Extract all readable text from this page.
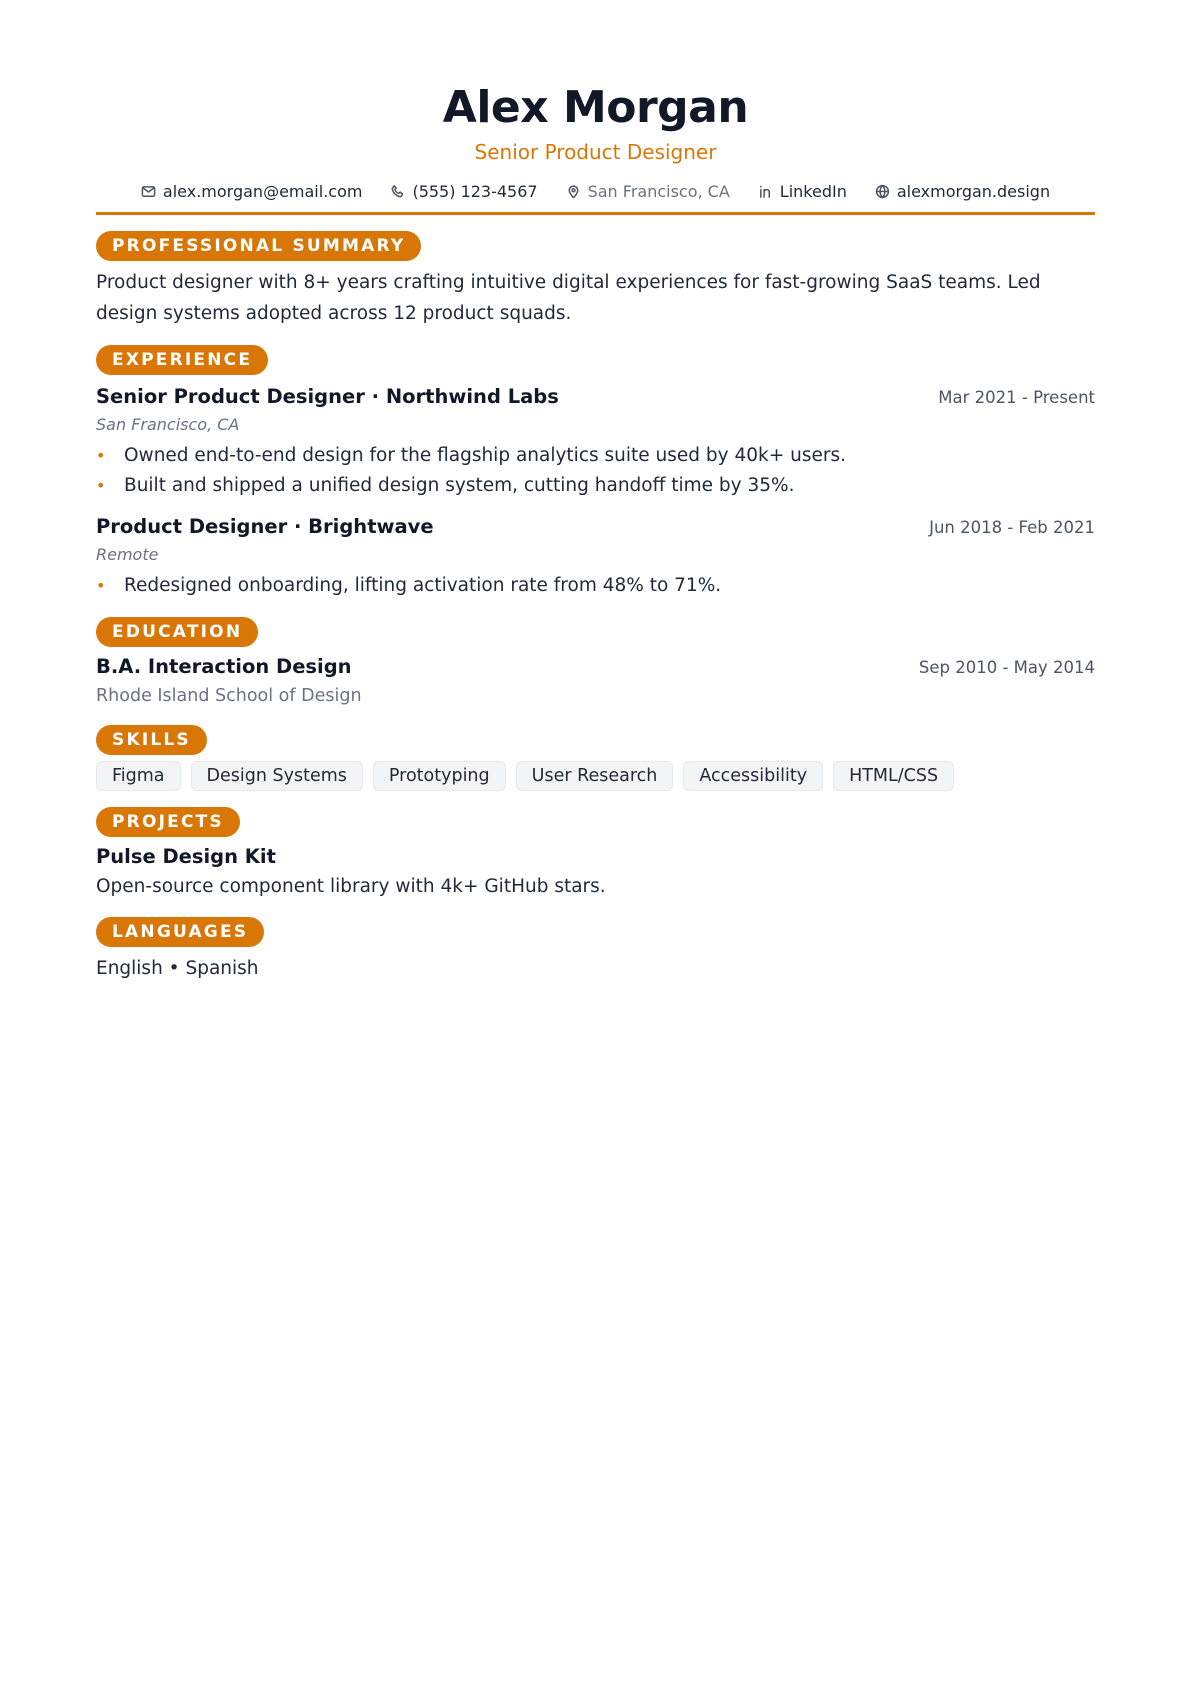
Alex Morgan
Senior Product Designer
alex.morgan@email.com	(555) 123-4567	San Francisco, CA	LinkedIn	alexmorgan.design
PROFESSIONAL SUMMARY

Product designer with 8+ years crafting intuitive digital experiences for fast-growing SaaS teams. Led design systems adopted across 12 product squads.

EXPERIENCE
Senior Product Designer · Northwind Labs	Mar 2021 - Present
San Francisco, CA
• Owned end-to-end design for the flagship analytics suite used by 40k+ users.
• Built and shipped a unified design system, cutting handoff time by 35%.
Product Designer · Brightwave	Jun 2018 - Feb 2021
Remote
• Redesigned onboarding, lifting activation rate from 48% to 71%.
EDUCATION
B.A. Interaction Design	Sep 2010 - May 2014
Rhode Island School of Design
SKILLS
Figma	Design Systems	Prototyping	User Research	Accessibility	HTML/CSS
PROJECTS
Pulse Design Kit
Open-source component library with 4k+ GitHub stars.
LANGUAGES
English • Spanish
